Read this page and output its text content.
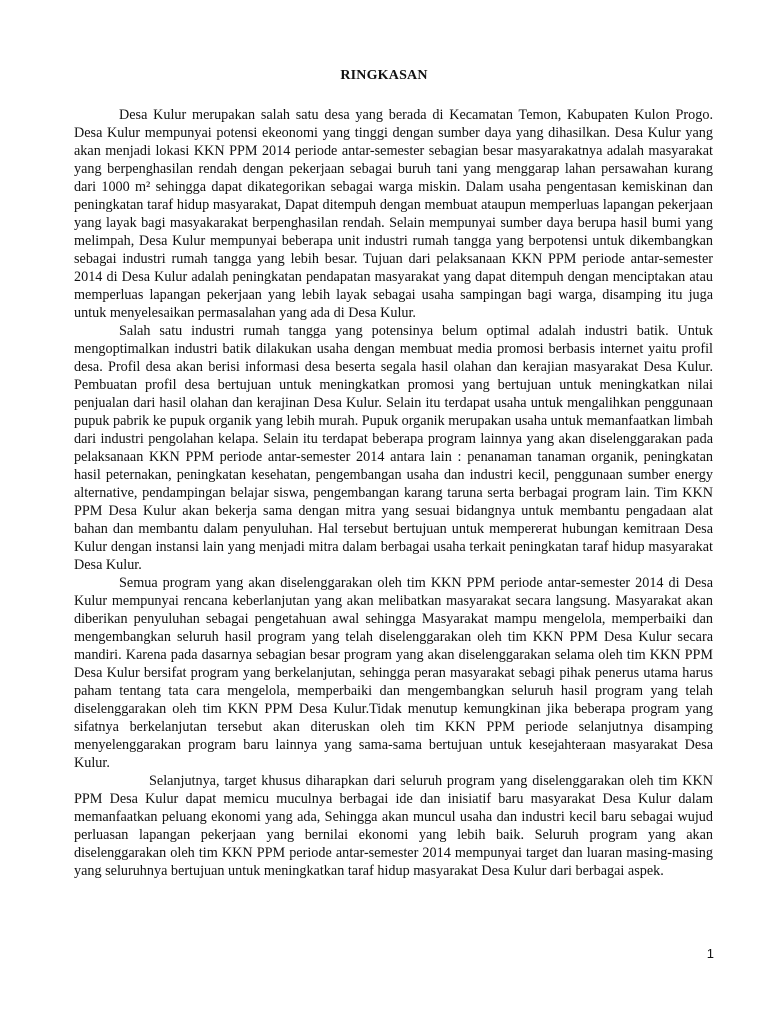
RINGKASAN

Desa Kulur merupakan salah satu desa yang berada di Kecamatan Temon, Kabupaten Kulon Progo. Desa Kulur mempunyai potensi ekeonomi yang tinggi dengan sumber daya yang dihasilkan. Desa Kulur yang akan menjadi lokasi KKN PPM 2014 periode antar-semester sebagian besar masyarakatnya adalah masyarakat yang berpenghasilan rendah dengan pekerjaan sebagai buruh tani yang menggarap lahan persawahan kurang dari 1000 m² sehingga dapat dikategorikan sebagai warga miskin. Dalam usaha pengentasan kemiskinan dan peningkatan taraf hidup masyarakat, Dapat ditempuh dengan membuat ataupun memperluas lapangan pekerjaan yang layak bagi masyakarakat berpenghasilan rendah. Selain mempunyai sumber daya berupa hasil bumi yang melimpah, Desa Kulur mempunyai beberapa unit industri rumah tangga yang berpotensi untuk dikembangkan sebagai industri rumah tangga yang lebih besar. Tujuan dari pelaksanaan KKN PPM periode antar-semester 2014 di Desa Kulur adalah peningkatan pendapatan masyarakat yang dapat ditempuh dengan menciptakan atau memperluas lapangan pekerjaan yang lebih layak sebagai usaha sampingan bagi warga, disamping itu juga untuk menyelesaikan permasalahan yang ada di Desa Kulur.

Salah satu industri rumah tangga yang potensinya belum optimal adalah industri batik. Untuk mengoptimalkan industri batik dilakukan usaha dengan membuat media promosi berbasis internet yaitu profil desa. Profil desa akan berisi informasi desa beserta segala hasil olahan dan kerajian masyarakat Desa Kulur. Pembuatan profil desa bertujuan untuk meningkatkan promosi yang bertujuan untuk meningkatkan nilai penjualan dari hasil olahan dan kerajinan Desa Kulur. Selain itu terdapat usaha untuk mengalihkan penggunaan pupuk pabrik ke pupuk organik yang lebih murah. Pupuk organik merupakan usaha untuk memanfaatkan limbah dari industri pengolahan kelapa. Selain itu terdapat beberapa program lainnya yang akan diselenggarakan pada pelaksanaan KKN PPM periode antar-semester 2014 antara lain : penanaman tanaman organik, peningkatan hasil peternakan, peningkatan kesehatan, pengembangan usaha dan industri kecil, penggunaan sumber energy alternative, pendampingan belajar siswa, pengembangan karang taruna serta berbagai program lain. Tim KKN PPM Desa Kulur akan bekerja sama dengan mitra yang sesuai bidangnya untuk membantu pengadaan alat bahan dan membantu dalam penyuluhan. Hal tersebut bertujuan untuk mempererat hubungan kemitraan Desa Kulur dengan instansi lain yang menjadi mitra dalam berbagai usaha terkait peningkatan taraf hidup masyarakat Desa Kulur.

Semua program yang akan diselenggarakan oleh tim KKN PPM periode antar-semester 2014 di Desa Kulur mempunyai rencana keberlanjutan yang akan melibatkan masyarakat secara langsung. Masyarakat akan diberikan penyuluhan sebagai pengetahuan awal sehingga Masyarakat mampu mengelola, memperbaiki dan mengembangkan seluruh hasil program yang telah diselenggarakan oleh tim KKN PPM Desa Kulur secara mandiri. Karena pada dasarnya sebagian besar program yang akan diselenggarakan selama oleh tim KKN PPM Desa Kulur bersifat program yang berkelanjutan, sehingga peran masyarakat sebagi pihak penerus utama harus paham tentang tata cara mengelola, memperbaiki dan mengembangkan seluruh hasil program yang telah diselenggarakan oleh tim KKN PPM Desa Kulur.Tidak menutup kemungkinan jika beberapa program yang sifatnya berkelanjutan tersebut akan diteruskan oleh tim KKN PPM periode selanjutnya disamping menyelenggarakan program baru lainnya yang sama-sama bertujuan untuk kesejahteraan masyarakat Desa Kulur.

Selanjutnya, target khusus diharapkan dari seluruh program yang diselenggarakan oleh tim KKN PPM Desa Kulur dapat memicu muculnya berbagai ide dan inisiatif baru masyarakat Desa Kulur dalam memanfaatkan peluang ekonomi yang ada, Sehingga akan muncul usaha dan industri kecil baru sebagai wujud perluasan lapangan pekerjaan yang bernilai ekonomi yang lebih baik. Seluruh program yang akan diselenggarakan oleh tim KKN PPM periode antar-semester 2014 mempunyai target dan luaran masing-masing yang seluruhnya bertujuan untuk meningkatkan taraf hidup masyarakat Desa Kulur dari berbagai aspek.

1
